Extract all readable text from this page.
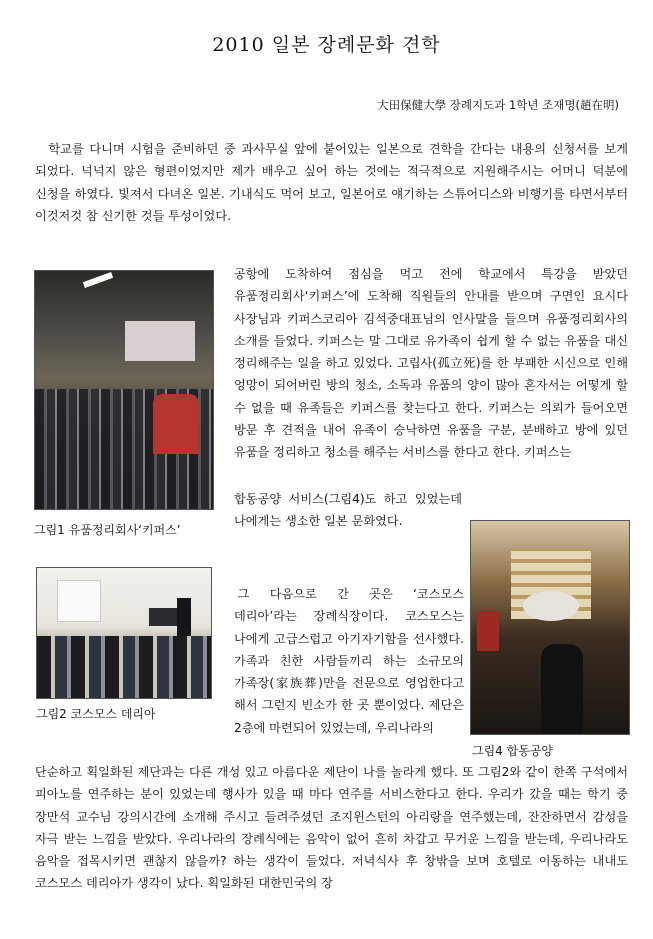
2010 일본 장례문화 견학
大田保健大學 장례지도과 1학년 조재명(趙在明)

학교를 다니며 시험을 준비하던 중 과사무실 앞에 붙어있는 일본으로 견학을 간다는 내용의 신청서를 보게 되었다. 넉넉지 않은 형편이었지만 제가 배우고 싶어 하는 것에는 적극적으로 지원해주시는 어머니 덕분에 신청을 하였다. 빛져서 다녀온 일본. 기내식도 먹어 보고, 일본어로 얘기하는 스튜어디스와 비행기를 타면서부터 이것저것 참 신기한 것들 투성이었다.

공항에 도착하여 점심을 먹고 전에 학교에서 특강을 받았던 유품정리회사‘키퍼스’에 도착해 직원들의 안내를 받으며 구면인 요시다 사장님과 키퍼스코리아 김석중대표님의 인사말을 들으며 유품정리회사의 소개를 들었다. 키퍼스는 말 그대로 유가족이 쉽게 할 수 없는 유품을 대신 정리해주는 일을 하고 있었다. 고립사(孤立死)를 한 부패한 시신으로 인해 엉망이 되어버린 방의 청소, 소독과 유품의 양이 많아 혼자서는 어떻게 할 수 없을 때 유족들은 키퍼스를 찾는다고 한다. 키퍼스는 의뢰가 들어오면 방문 후 견적을 내어 유족이 승낙하면 유품을 구분, 분배하고 방에 있던 유품을 정리하고 청소를 해주는 서비스를 한다고 한다. 키퍼스는

그림1 유품정리회사‘키퍼스’

합동공양 서비스(그림4)도 하고 있었는데 나에게는 생소한 일본 문화였다.

그림2 코스모스 데리아

그 다음으로 간 곳은 ‘코스모스 데리아’라는 장례식장이다. 코스모스는 나에게 고급스럽고 아기자기함을 선사했다. 가족과 친한 사람들끼리 하는 소규모의 가족장(家族葬)만을 전문으로 영업한다고 해서 그런지 빈소가 한 곳 뿐이었다. 제단은 2층에 마련되어 있었는데, 우리나라의

그림4 합동공양

단순하고 획일화된 제단과는 다른 개성 있고 아름다운 제단이 나를 놀라게 했다. 또 그림2와 같이 한쪽 구석에서 피아노를 연주하는 분이 있었는데 행사가 있을 때 마다 연주를 서비스한다고 한다. 우리가 갔을 때는 학기 중 장만석 교수님 강의시간에 소개해 주시고 들려주셨던 조지윈스턴의 아리랑을 연주했는데, 잔잔하면서 감성을 자극 받는 느낌을 받았다. 우리나라의 장례식에는 음악이 없어 흔히 차갑고 무거운 느낌을 받는데, 우리나라도 음악을 접목시키면 괜찮지 않을까? 하는 생각이 들었다. 저녁식사 후 창밖을 보며 호텔로 이동하는 내내도 코스모스 데리아가 생각이 났다. 획일화된 대한민국의 장
